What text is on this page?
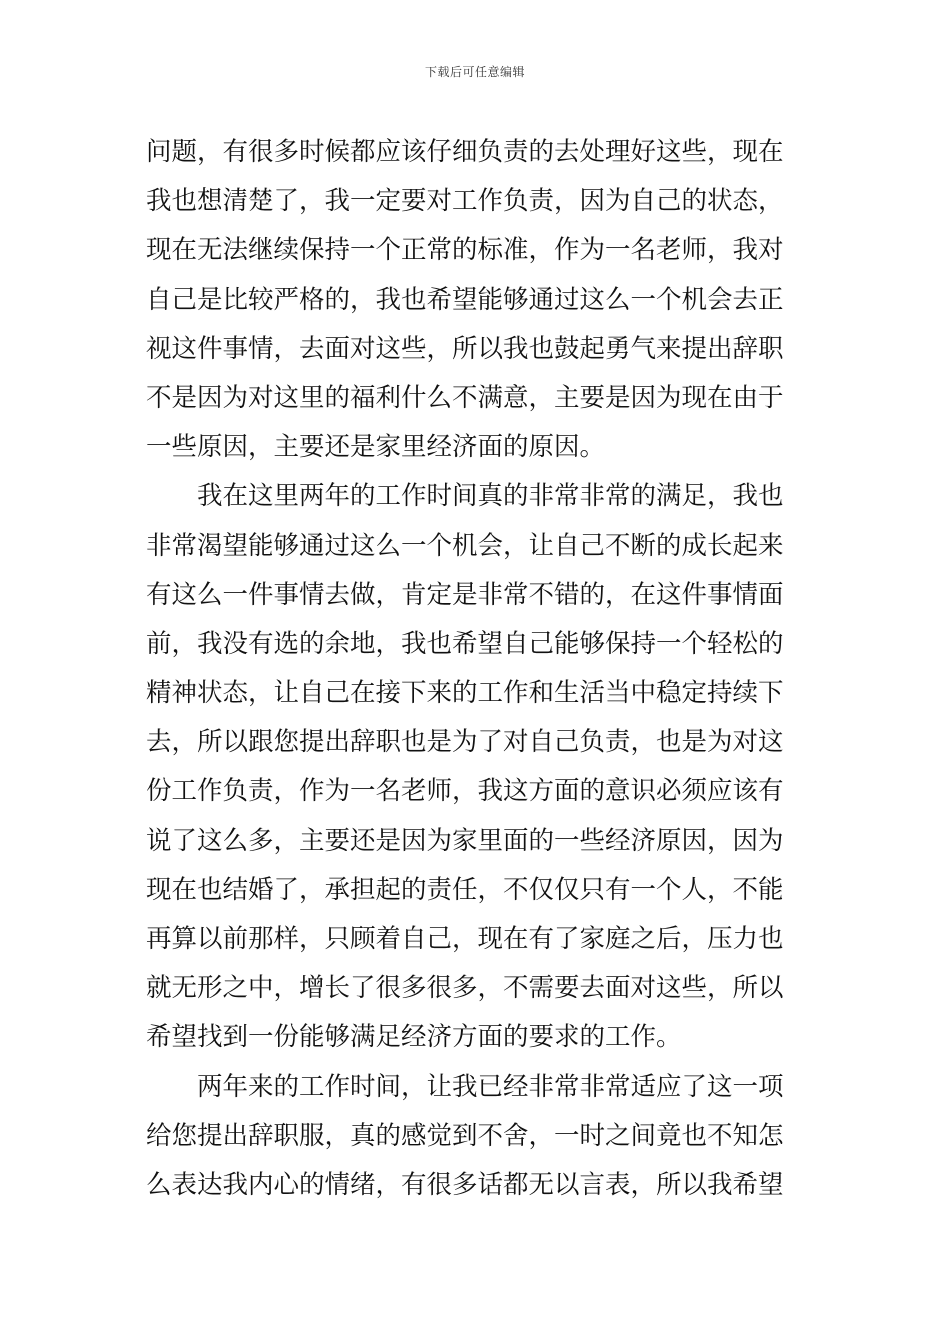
下载后可任意编辑
问题，有很多时候都应该仔细负责的去处理好这些，现在
我也想清楚了，我一定要对工作负责，因为自己的状态，
现在无法继续保持一个正常的标准，作为一名老师，我对
自己是比较严格的，我也希望能够通过这么一个机会去正
视这件事情，去面对这些，所以我也鼓起勇气来提出辞职
不是因为对这里的福利什么不满意，主要是因为现在由于
一些原因，主要还是家里经济面的原因。
　　我在这里两年的工作时间真的非常非常的满足，我也
非常渴望能够通过这么一个机会，让自己不断的成长起来
有这么一件事情去做，肯定是非常不错的，在这件事情面
前，我没有选的余地，我也希望自己能够保持一个轻松的
精神状态，让自己在接下来的工作和生活当中稳定持续下
去，所以跟您提出辞职也是为了对自己负责，也是为对这
份工作负责，作为一名老师，我这方面的意识必须应该有
说了这么多，主要还是因为家里面的一些经济原因，因为
现在也结婚了，承担起的责任，不仅仅只有一个人，不能
再算以前那样，只顾着自己，现在有了家庭之后，压力也
就无形之中，增长了很多很多，不需要去面对这些，所以
希望找到一份能够满足经济方面的要求的工作。
　　两年来的工作时间，让我已经非常非常适应了这一项
给您提出辞职服，真的感觉到不舍，一时之间竟也不知怎
么表达我内心的情绪，有很多话都无以言表，所以我希望
